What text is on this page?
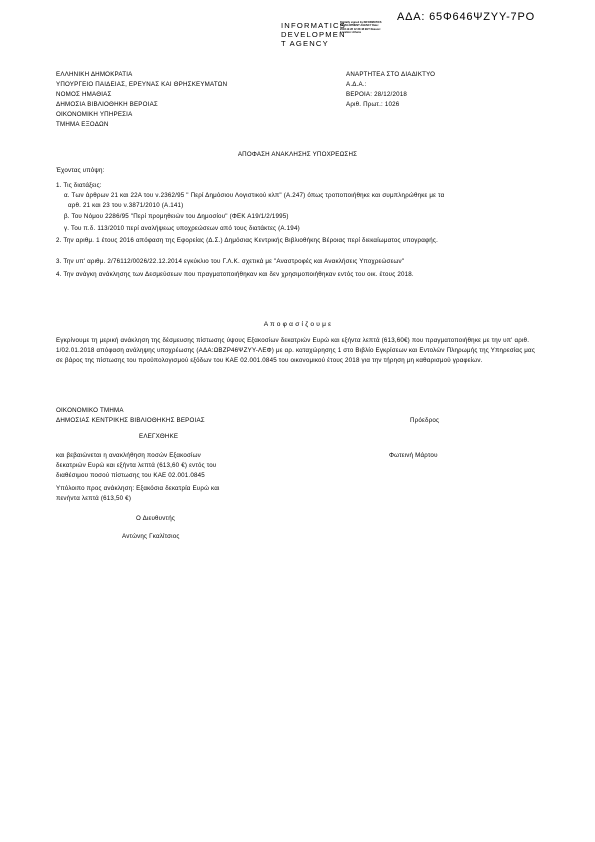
ΑΔΑ: 65Φ646ΨΖΥΥ-7ΡΟ
INFORMATICS DEVELOPMEN T AGENCY
Digitally signed by INFORMATICS DEVELOPMENT AGENCY Date: 2018.12.28 12:33:48 EET Reason: Location: Athens
ΕΛΛΗΝΙΚΗ ΔΗΜΟΚΡΑΤΙΑ
ΥΠΟΥΡΓΕΙΟ ΠΑΙΔΕΙΑΣ, ΕΡΕΥΝΑΣ ΚΑΙ ΘΡΗΣΚΕΥΜΑΤΩΝ
ΝΟΜΟΣ ΗΜΑΘΙΑΣ
ΔΗΜΟΣΙΑ ΒΙΒΛΙΟΘΗΚΗ ΒΕΡΟΙΑΣ
ΟΙΚΟΝΟΜΙΚΗ ΥΠΗΡΕΣΙΑ
ΤΜΗΜΑ ΕΞΟΔΩΝ
ΑΝΑΡΤΗΤΕΑ ΣΤΟ ΔΙΑΔΙΚΤΥΟ
Α.Δ.Α.:
ΒΕΡΟΙΑ: 28/12/2018
Αριθ. Πρωτ.: 1026
ΑΠΟΦΑΣΗ ΑΝΑΚΛΗΣΗΣ ΥΠΟΧΡΕΩΣΗΣ
Έχοντας υπόψη:
1. Τις διατάξεις:
α. Των άρθρων 21 και 22Α του ν.2362/95 " Περί Δημόσιου Λογιστικού κλπ" (Α.247) όπως τροποποιήθηκε και συμπληρώθηκε με τα
αρθ. 21 και 23 του ν.3871/2010 (Α.141)
β. Του Νόμου 2286/95 "Περί προμηθειών του Δημοσίου" (ΦΕΚ Α19/1/2/1995)
γ. Του π.δ. 113/2010 περί αναλήψεως υποχρεώσεων από τους διατάκτες (Α.194)
2. Την αριθμ. 1 έτους 2016 απόφαση της Εφορείας (Δ.Σ.) Δημόσιας Κεντρικής Βιβλιοθήκης Βέροιας περί διεκαίωματος υπογραφής.
3. Την υπ' αριθμ. 2/76112/0026/22.12.2014 εγκύκλιο του Γ.Λ.Κ. σχετικά με "Αναστροφές και Ανακλήσεις Υποχρεώσεων"
4. Την ανάγκη ανάκλησης των Δεσμεύσεων που πραγματοποιήθηκαν και δεν χρησιμοποιήθηκαν εντός του οικ. έτους 2018.
Α π ο φ α σ ί ζ ο υ μ ε
Εγκρίνουμε τη μερική ανάκληση της δέσμευσης πίστωσης ύψους Εξακοσίων δεκατριών Ευρώ και εξήντα λεπτά (613,60€) που πραγματοποιήθηκε με την υπ' αριθ. 1/02.01.2018 απόφαση ανάληψης υποχρέωσης (ΑΔΑ:ΩΒΖΡ46ΨΖΥΥ-ΛΕΦ) με αρ. καταχώρησης 1 στο Βιβλίο Εγκρίσεων και Εντολών Πληρωμής της Υπηρεσίας μας σε βάρος της πίστωσης του προϋπολογισμού εξόδων του ΚΑΕ 02.001.0845 του οικονομικού έτους 2018 για την τήρηση μη καθαρισμού γραφείων.
ΟΙΚΟΝΟΜΙΚΟ ΤΜΗΜΑ
ΔΗΜΟΣΙΑΣ ΚΕΝΤΡΙΚΗΣ ΒΙΒΛΙΟΘΗΚΗΣ ΒΕΡΟΙΑΣ	Πρόεδρος
ΕΛΕΓΧΘΗΚΕ
και βεβαιώνεται η ανακλήθηση ποσών Εξακοσίων
δεκατριών Ευρώ και εξήντα λεπτά (613,60 €) εντός του
διαθέσιμου ποσού πίστωσης του ΚΑΕ 02.001.0845
Φωτεινή Μάρτου
Υπόλοιπο προς ανάκληση: Εξακόσια δεκατρία Ευρώ και
πενήντα λεπτά (613,50 €)
Ο Διευθυντής
Αντώνης Γκαλίτσιος
